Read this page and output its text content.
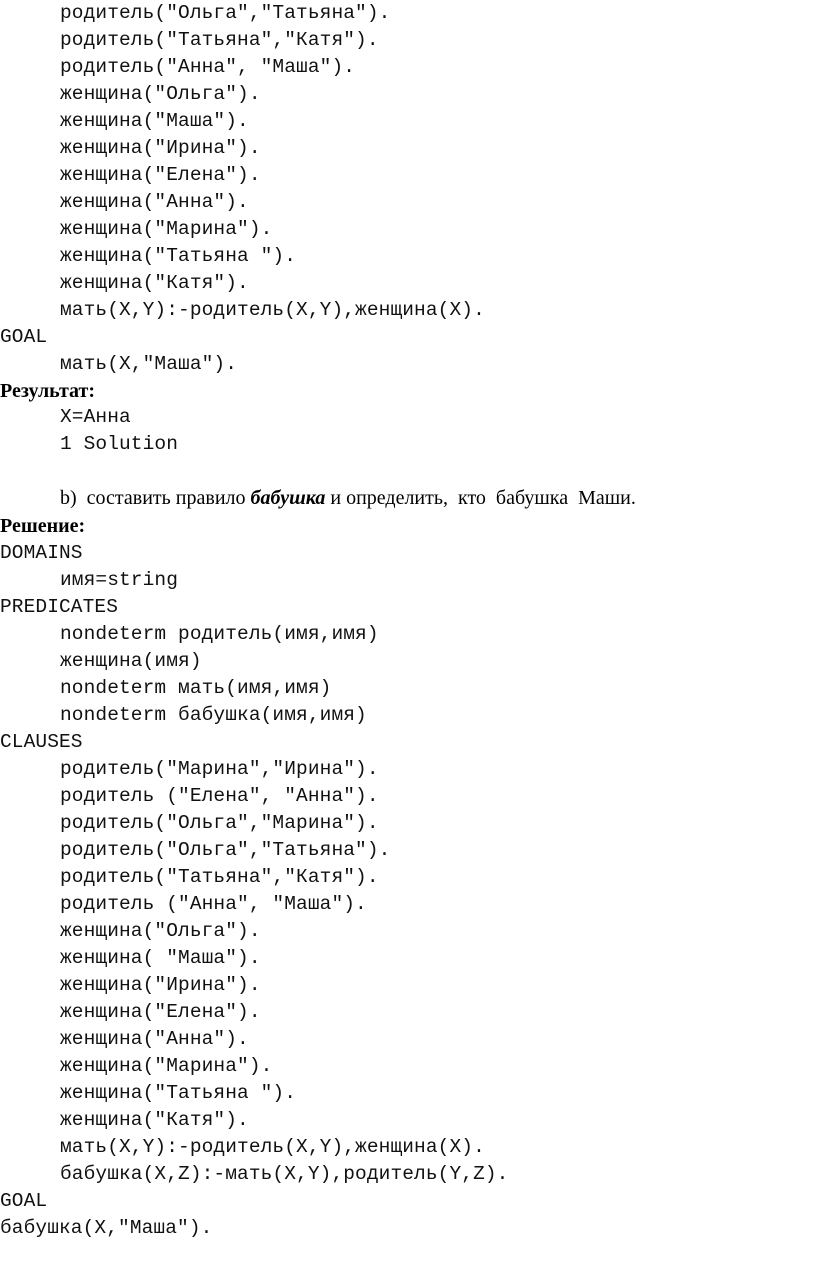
родитель("Ольга","Татьяна").
родитель("Татьяна","Катя").
родитель("Анна", "Маша").
женщина("Ольга").
женщина("Маша").
женщина("Ирина").
женщина("Елена").
женщина("Анна").
женщина("Марина").
женщина("Татьяна ").
женщина("Катя").
мать(X,Y):-родитель(X,Y),женщина(X).
GOAL
мать(X,"Маша").
Результат:
X=Анна
1 Solution
b) составить правило бабушка и определить,  кто  бабушка  Маши.
Решение:
DOMAINS
имя=string
PREDICATES
nondeterm родитель(имя,имя)
женщина(имя)
nondeterm мать(имя,имя)
nondeterm бабушка(имя,имя)
CLAUSES
родитель("Марина","Ирина").
родитель ("Елена", "Анна").
родитель("Ольга","Марина").
родитель("Ольга","Татьяна").
родитель("Татьяна","Катя").
родитель ("Анна", "Маша").
женщина("Ольга").
женщина( "Маша").
женщина("Ирина").
женщина("Елена").
женщина("Анна").
женщина("Марина").
женщина("Татьяна ").
женщина("Катя").
мать(X,Y):-родитель(X,Y),женщина(X).
бабушка(X,Z):-мать(X,Y),родитель(Y,Z).
GOAL
бабушка(X,"Маша").
